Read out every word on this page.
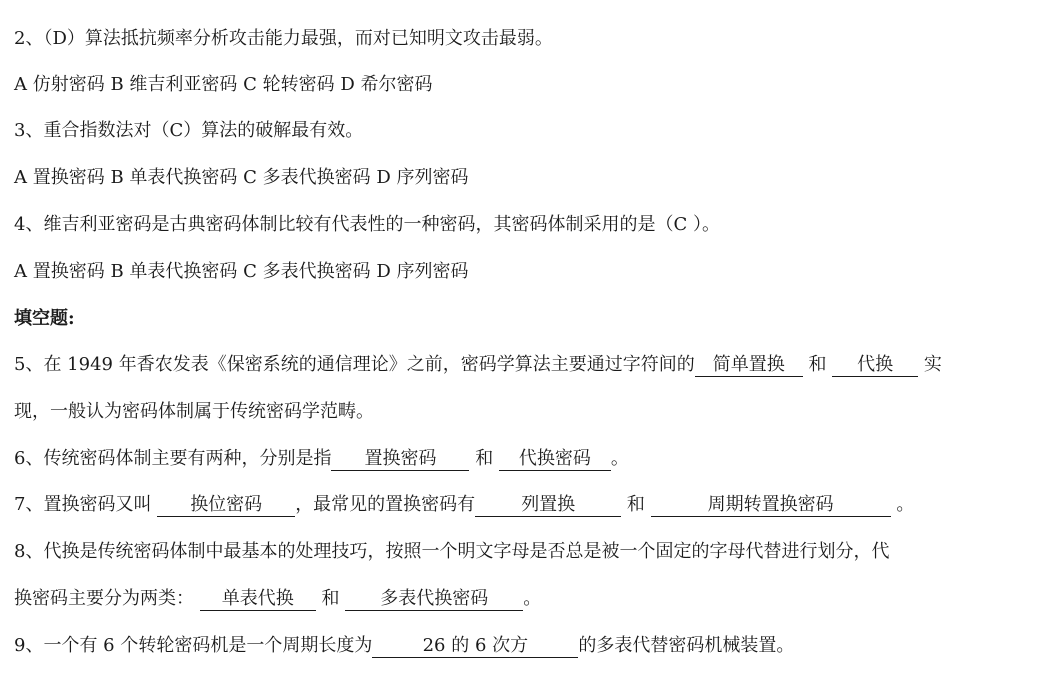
2、（D）算法抵抗频率分析攻击能力最强，而对已知明文攻击最弱。
A 仿射密码 B 维吉利亚密码 C 轮转密码 D 希尔密码
3、重合指数法对（C）算法的破解最有效。
A 置换密码 B 单表代换密码 C 多表代换密码 D 序列密码
4、维吉利亚密码是古典密码体制比较有代表性的一种密码，其密码体制采用的是（C ）。
A 置换密码 B 单表代换密码 C 多表代换密码 D 序列密码
填空题:
5、在 1949 年香农发表《保密系统的通信理论》之前，密码学算法主要通过字符间的 简单置换 和 代换 实
现，一般认为密码体制属于传统密码学范畴。
6、传统密码体制主要有两种，分别是指 置换密码 和 代换密码 。
7、置换密码又叫 换位密码 ，最常见的置换密码有	列置换	和	周期转置换密码	。
8、代换是传统密码体制中最基本的处理技巧，按照一个明文字母是否总是被一个固定的字母代替进行划分，代
换密码主要分为两类： 单表代换 和 多表代换密码 。
9、一个有 6 个转轮密码机是一个周期长度为	26 的 6 次方	的多表代替密码机械装置。
